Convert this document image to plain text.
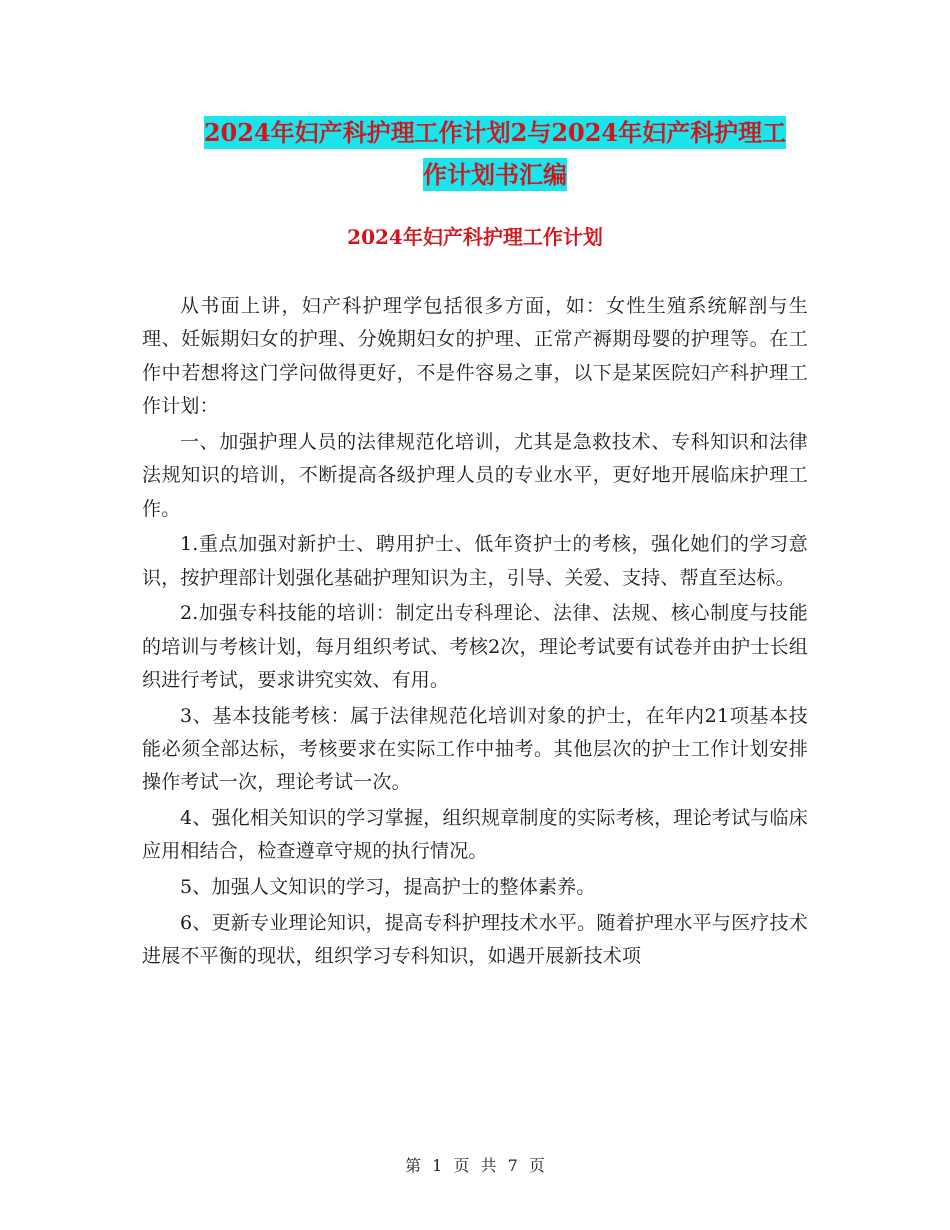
2024年妇产科护理工作计划2与2024年妇产科护理工
作计划书汇编
2024年妇产科护理工作计划

从书面上讲，妇产科护理学包括很多方面，如：女性生殖系统解剖与生理、妊娠期妇女的护理、分娩期妇女的护理、正常产褥期母婴的护理等。在工作中若想将这门学问做得更好，不是件容易之事，以下是某医院妇产科护理工作计划：

一、加强护理人员的法律规范化培训，尤其是急救技术、专科知识和法律法规知识的培训，不断提高各级护理人员的专业水平，更好地开展临床护理工作。

1.重点加强对新护士、聘用护士、低年资护士的考核，强化她们的学习意识，按护理部计划强化基础护理知识为主，引导、关爱、支持、帮直至达标。

2.加强专科技能的培训：制定出专科理论、法律、法规、核心制度与技能的培训与考核计划，每月组织考试、考核2次，理论考试要有试卷并由护士长组织进行考试，要求讲究实效、有用。

3、基本技能考核：属于法律规范化培训对象的护士，在年内21项基本技能必须全部达标，考核要求在实际工作中抽考。其他层次的护士工作计划安排操作考试一次，理论考试一次。

4、强化相关知识的学习掌握，组织规章制度的实际考核，理论考试与临床应用相结合，检查遵章守规的执行情况。

5、加强人文知识的学习，提高护士的整体素养。

6、更新专业理论知识，提高专科护理技术水平。随着护理水平与医疗技术进展不平衡的现状，组织学习专科知识，如遇开展新技术项

第 1 页 共 7 页
